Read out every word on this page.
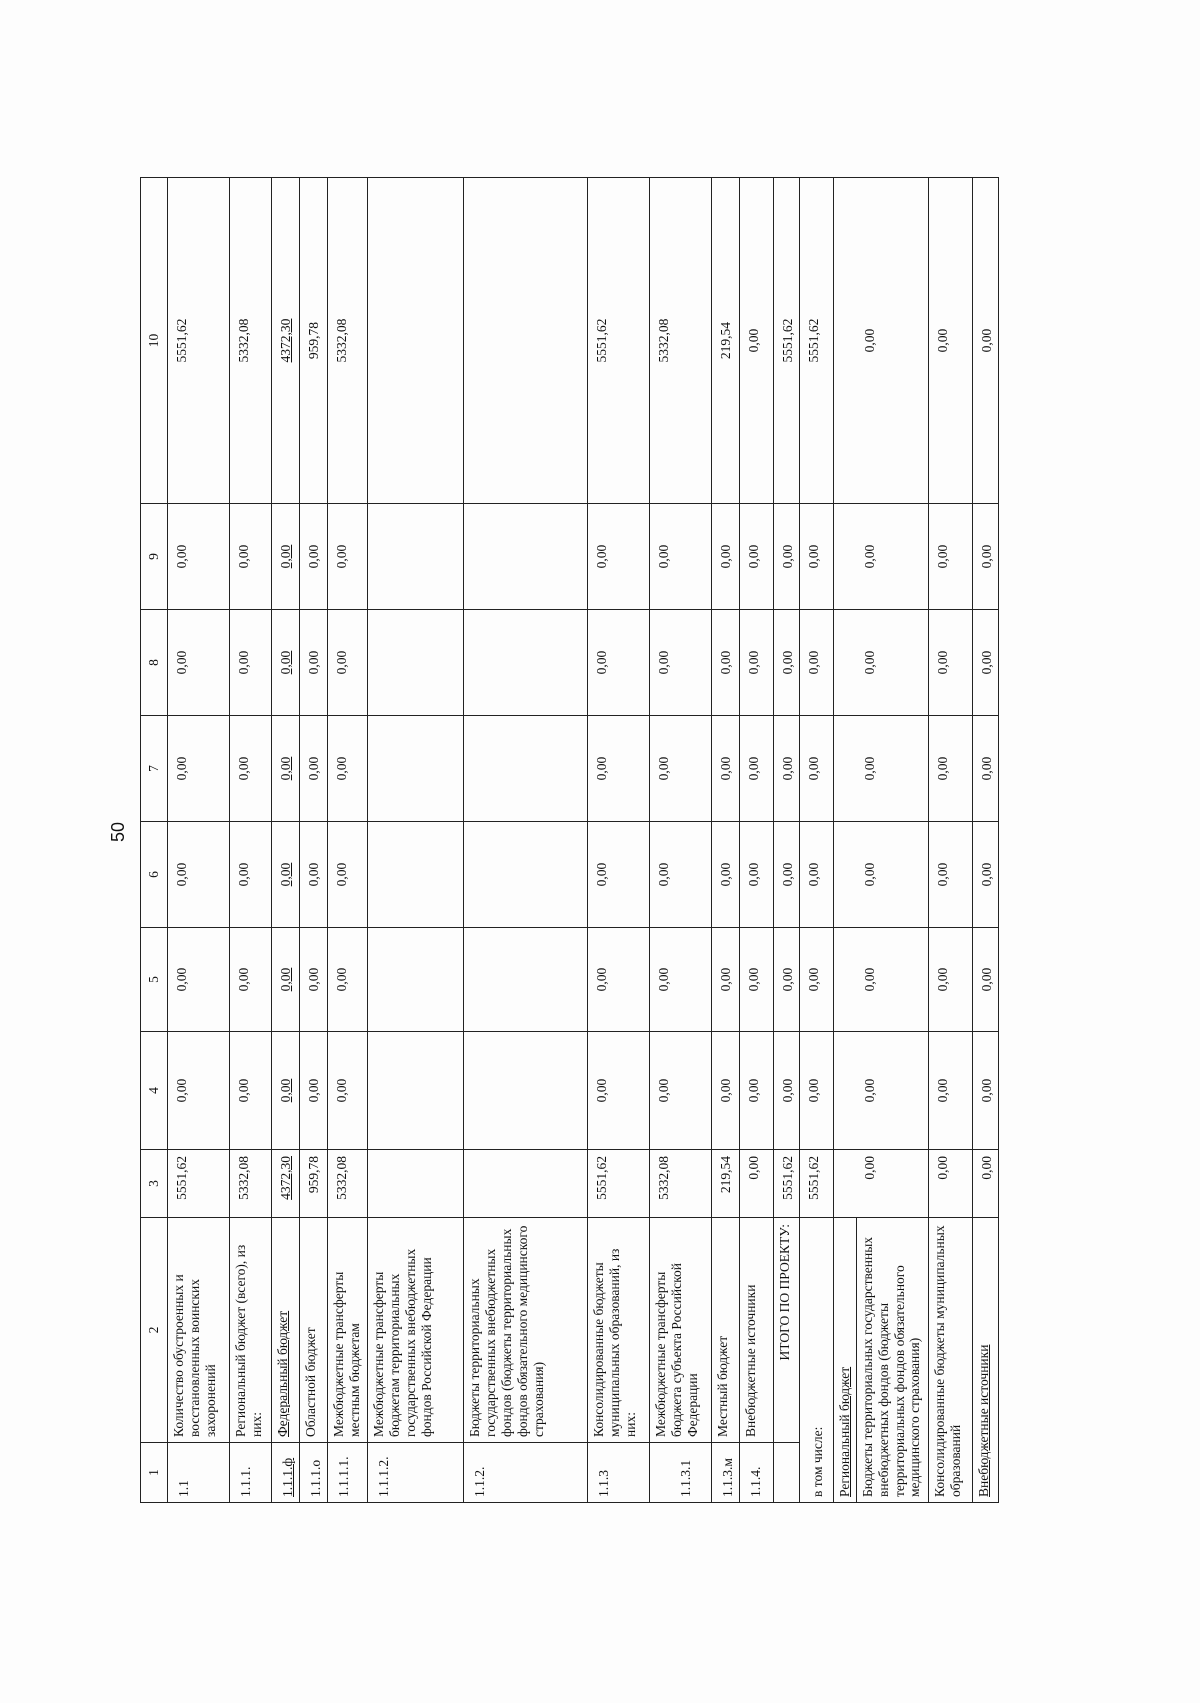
50
1	2	3	4	5	6	7	8	9	10
1.1	Количество обустроенных и восстановленных воинских захоронений	5551,62	0,00	0,00	0,00	0,00	0,00	0,00	5551,62
1.1.1.	Региональный бюджет (всего), из них:	5332,08	0,00	0,00	0,00	0,00	0,00	0,00	5332,08
1.1.1.ф	Федеральный бюджет	4372,30	0,00	0,00	0,00	0,00	0,00	0,00	4372,30
1.1.1.о	Областной бюджет	959,78	0,00	0,00	0,00	0,00	0,00	0,00	959,78
1.1.1.1.	Межбюджетные трансферты местным бюджетам	5332,08	0,00	0,00	0,00	0,00	0,00	0,00	5332,08
1.1.1.2.	Межбюджетные трансферты бюджетам территориальных государственных внебюджетных фондов Российской Федерации								
1.1.2.	Бюджеты территориальных государственных внебюджетных фондов (бюджеты территориальных фондов обязательного медицинского страхования)								
1.1.3	Консолидированные бюджеты муниципальных образований, из них:	5551,62	0,00	0,00	0,00	0,00	0,00	0,00	5551,62
1.1.3.1	Межбюджетные трансферты бюджета субъекта Российской Федерации	5332,08	0,00	0,00	0,00	0,00	0,00	0,00	5332,08
1.1.3.м	Местный бюджет	219,54	0,00	0,00	0,00	0,00	0,00	0,00	219,54
1.1.4.	Внебюджетные источники	0,00	0,00	0,00	0,00	0,00	0,00	0,00	0,00
	ИТОГО ПО ПРОЕКТУ:	5551,62	0,00	0,00	0,00	0,00	0,00	0,00	5551,62
в том числе:		5551,62	0,00	0,00	0,00	0,00	0,00	0,00	5551,62
Региональный бюджет									
Бюджеты территориальных государственных внебюджетных фондов (бюджеты территориальных фондов обязательного медицинского страхования)		0,00	0,00	0,00	0,00	0,00	0,00	0,00	0,00
Консолидированные бюджеты муниципальных образований		0,00	0,00	0,00	0,00	0,00	0,00	0,00	0,00
Внебюджетные источники		0,00	0,00	0,00	0,00	0,00	0,00	0,00	0,00
